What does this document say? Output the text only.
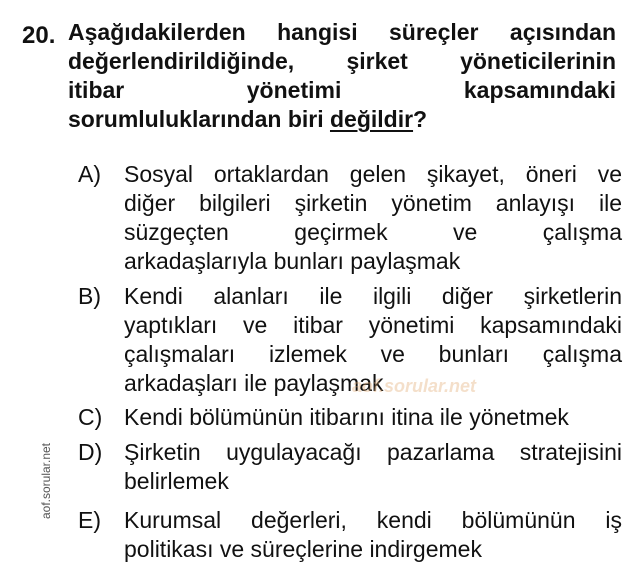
20. Aşağıdakilerden hangisi süreçler açısından
değerlendirildiğinde, şirket yöneticilerinin
itibar yönetimi kapsamındaki
sorumluluklarından biri değildir?
A) Sosyal ortaklardan gelen şikayet, öneri ve
diğer bilgileri şirketin yönetim anlayışı ile
süzgeçten geçirmek ve çalışma
arkadaşlarıyla bunları paylaşmak
B) Kendi alanları ile ilgili diğer şirketlerin
yaptıkları ve itibar yönetimi kapsamındaki
çalışmaları izlemek ve bunları çalışma
arkadaşları ile paylaşmak
C) Kendi bölümünün itibarını itina ile yönetmek
D) Şirketin uygulayacağı pazarlama stratejisini
belirlemek
E) Kurumsal değerleri, kendi bölümünün iş
politikası ve süreçlerine indirgemek
aof.sorular.net
aof.sorular.net
